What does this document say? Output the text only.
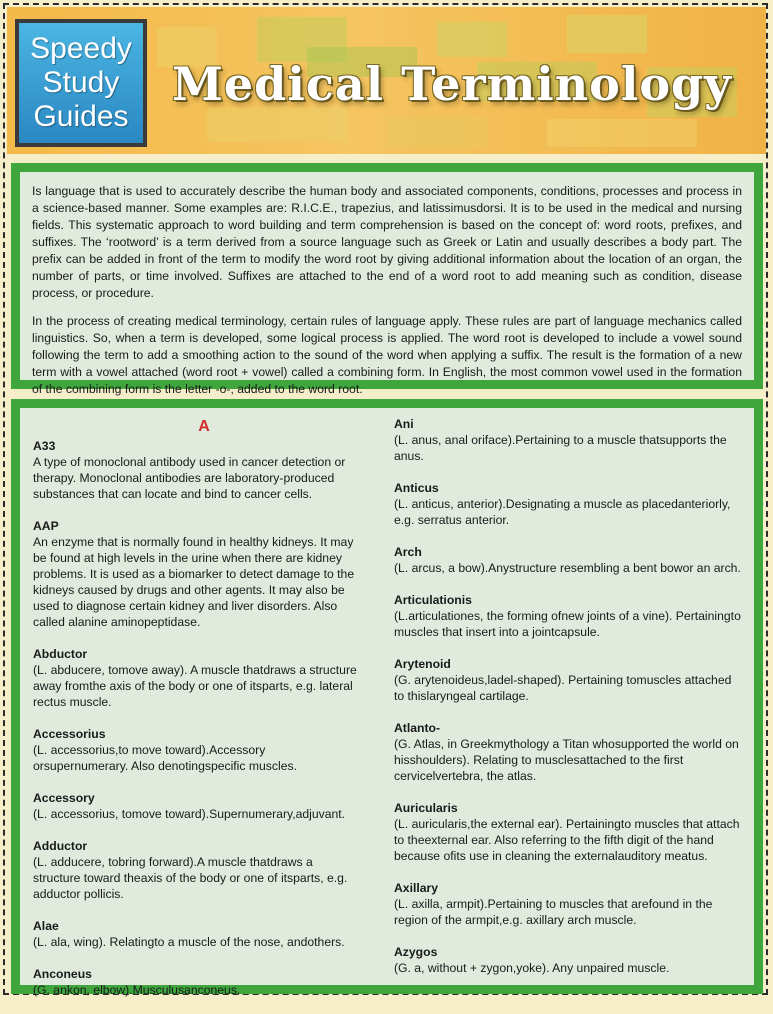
Speedy
Study
Guides
Medical Terminology

Is language that is used to accurately describe the human body and associated components, conditions, processes and process in a science-based manner. Some examples are: R.I.C.E., trapezius, and latissimusdorsi. It is to be used in the medical and nursing fields. This systematic approach to word building and term comprehension is based on the concept of: word roots, prefixes, and suffixes. The ‘rootword’ is a term derived from a source language such as Greek or Latin and usually describes a body part. The prefix can be added in front of the term to modify the word root by giving additional information about the location of an organ, the number of parts, or time involved. Suffixes are attached to the end of a word root to add meaning such as condition, disease process, or procedure.

In the process of creating medical terminology, certain rules of language apply. These rules are part of language mechanics called linguistics. So, when a term is developed, some logical process is applied. The word root is developed to include a vowel sound following the term to add a smoothing action to the sound of the word when applying a suffix. The result is the formation of a new term with a vowel attached (word root + vowel) called a combining form. In English, the most common vowel used in the formation of the combining form is the letter -o-, added to the word root.

A
A33

A type of monoclonal antibody used in cancer detection or therapy. Monoclonal antibodies are laboratory-produced substances that can locate and bind to cancer cells.

AAP

An enzyme that is normally found in healthy kidneys. It may be found at high levels in the urine when there are kidney problems. It is used as a biomarker to detect damage to the kidneys caused by drugs and other agents. It may also be used to diagnose certain kidney and liver disorders. Also called alanine aminopeptidase.

Abductor

(L. abducere, tomove away). A muscle thatdraws a structure away fromthe axis of the body or one of itsparts, e.g. lateral rectus muscle.

Accessorius

(L. accessorius,to move toward).Accessory orsupernumerary. Also denotingspecific muscles.

Accessory

(L. accessorius, tomove toward).Supernumerary,adjuvant.

Adductor

(L. adducere, tobring forward).A muscle thatdraws a structure toward theaxis of the body or one of itsparts, e.g. adductor pollicis.

Alae

(L. ala, wing). Relatingto a muscle of the nose, andothers.

Anconeus

(G. ankon, elbow).Musculusanconeus.

Ani

(L. anus, anal oriface).Pertaining to a muscle thatsupports the anus.

Anticus

(L. anticus, anterior).Designating a muscle as placedanteriorly, e.g. serratus anterior.

Arch

(L. arcus, a bow).Anystructure resembling a bent bowor an arch.

Articulationis

(L.articulationes, the forming ofnew joints of a vine). Pertainingto muscles that insert into a jointcapsule.

Arytenoid

(G. arytenoideus,ladel-shaped). Pertaining tomuscles attached to thislaryngeal cartilage.

Atlanto-

(G. Atlas, in Greekmythology a Titan whosupported the world on hisshoulders). Relating to musclesattached to the first cervicelvertebra, the atlas.

Auricularis

(L. auricularis,the external ear). Pertainingto muscles that attach to theexternal ear. Also referring to the fifth digit of the hand because ofits use in cleaning the externalauditory meatus.

Axillary

(L. axilla, armpit).Pertaining to muscles that arefound in the region of the armpit,e.g. axillary arch muscle.

Azygos

(G. a, without + zygon,yoke). Any unpaired muscle.
